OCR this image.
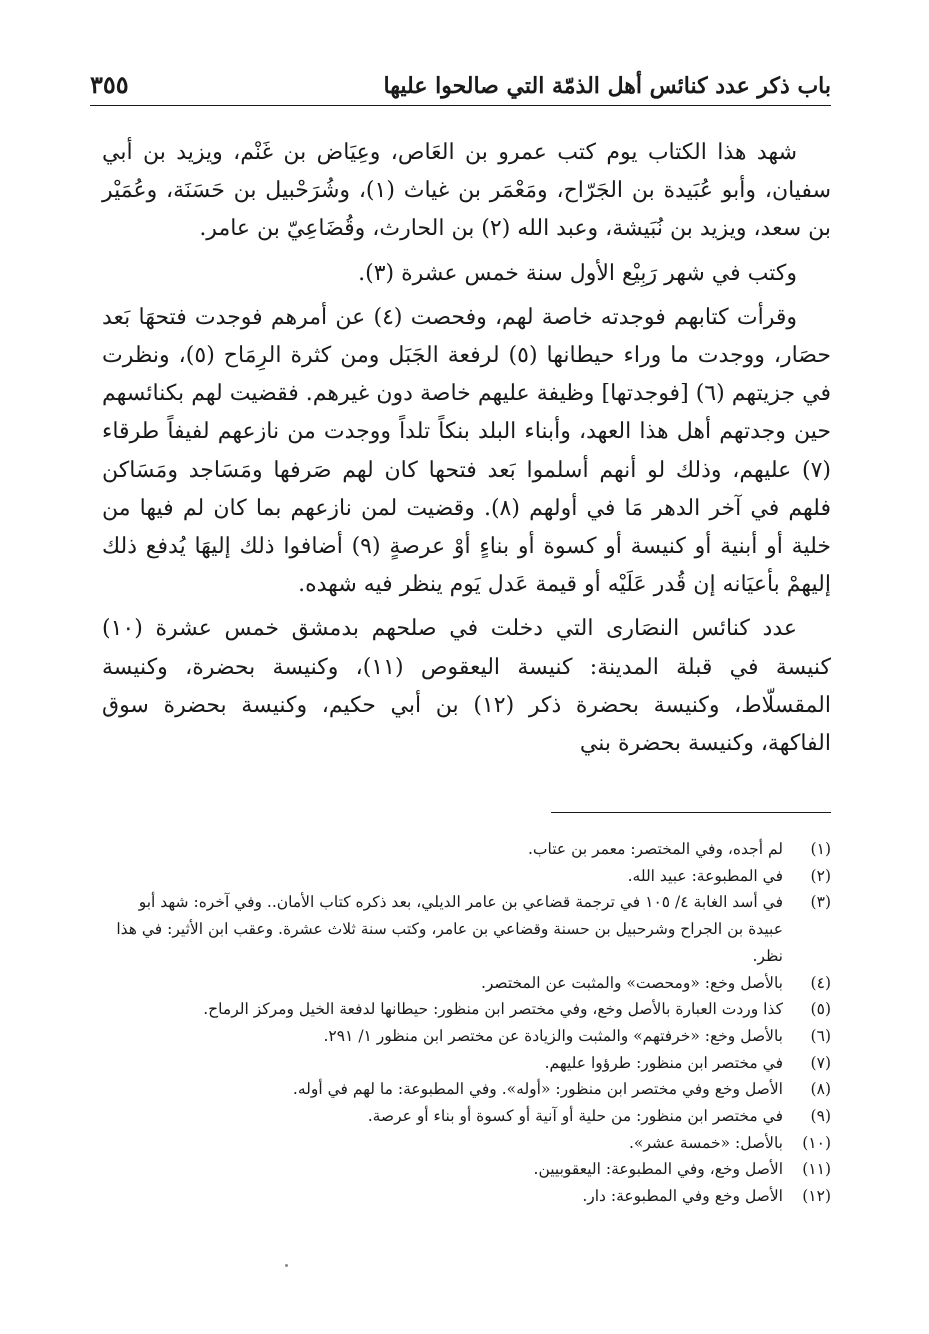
باب ذكر عدد كنائس أهل الذمّة التي صالحوا عليها
٣٥٥

شهد هذا الكتاب يوم كتب عمرو بن العَاص، وعِيَاض بن غَنْم، ويزيد بن أبي سفيان، وأبو عُبَيدة بن الجَرّاح، ومَعْمَر بن غياث (١)، وشُرَحْبيل بن حَسَنَة، وعُمَيْر بن سعد، ويزيد بن نُبَيشة، وعبد الله (٢) بن الحارث، وقُضَاعِيّ بن عامر.

وكتب في شهر رَبِيْع الأول سنة خمس عشرة (٣).

وقرأت كتابهم فوجدته خاصة لهم، وفحصت (٤) عن أمرهم فوجدت فتحهَا بَعد حصَار، ووجدت ما وراء حيطانها (٥) لرفعة الجَبَل ومن كثرة الرِمَاح (٥)، ونظرت في جزيتهم (٦) [فوجدتها] وظيفة عليهم خاصة دون غيرهم. فقضيت لهم بكنائسهم حين وجدتهم أهل هذا العهد، وأبناء البلد بنكاً تلداً ووجدت من نازعهم لفيفاً طرقاء (٧) عليهم، وذلك لو أنهم أسلموا بَعد فتحها كان لهم صَرفها ومَسَاجد ومَسَاكن فلهم في آخر الدهر مَا في أولهم (٨). وقضيت لمن نازعهم بما كان لم فيها من خلية أو أبنية أو كنيسة أو كسوة أو بناءٍ أوْ عرصةٍ (٩) أضافوا ذلك إليهَا يُدفع ذلك إليهمْ بأعيَانه إن قُدر عَلَيْه أو قيمة عَدل يَوم ينظر فيه شهده.

عدد كنائس النصَارى التي دخلت في صلحهم بدمشق خمس عشرة (١٠) كنيسة في قبلة المدينة: كنيسة اليعقوص (١١)، وكنيسة بحضرة، وكنيسة المقسلّاط، وكنيسة بحضرة ذكر (١٢) بن أبي حكيم، وكنيسة بحضرة سوق الفاكهة، وكنيسة بحضرة بني

(١)
لم أجده، وفي المختصر: معمر بن عتاب.
(٢)
في المطبوعة: عبيد الله.
(٣)
في أسد الغابة ٤/ ١٠٥ في ترجمة قضاعي بن عامر الديلي، بعد ذكره كتاب الأمان.. وفي آخره: شهد أبو عبيدة بن الجراح وشرحبيل بن حسنة وقضاعي بن عامر، وكتب سنة ثلاث عشرة. وعقب ابن الأثير: في هذا نظر.
(٤)
بالأصل وخع: «ومحصت» والمثبت عن المختصر.
(٥)
كذا وردت العبارة بالأصل وخع، وفي مختصر ابن منظور: حيطانها لدفعة الخيل ومركز الرماح.
(٦)
بالأصل وخع: «خرفتهم» والمثبت والزيادة عن مختصر ابن منظور ١/ ٢٩١.
(٧)
في مختصر ابن منظور: طرؤوا عليهم.
(٨)
الأصل وخع وفي مختصر ابن منظور: «أوله». وفي المطبوعة: ما لهم في أوله.
(٩)
في مختصر ابن منظور: من حلية أو آنية أو كسوة أو بناء أو عرصة.
(١٠)
بالأصل: «خمسة عشر».
(١١)
الأصل وخع، وفي المطبوعة: اليعقوبيين.
(١٢)
الأصل وخع وفي المطبوعة: دار.
